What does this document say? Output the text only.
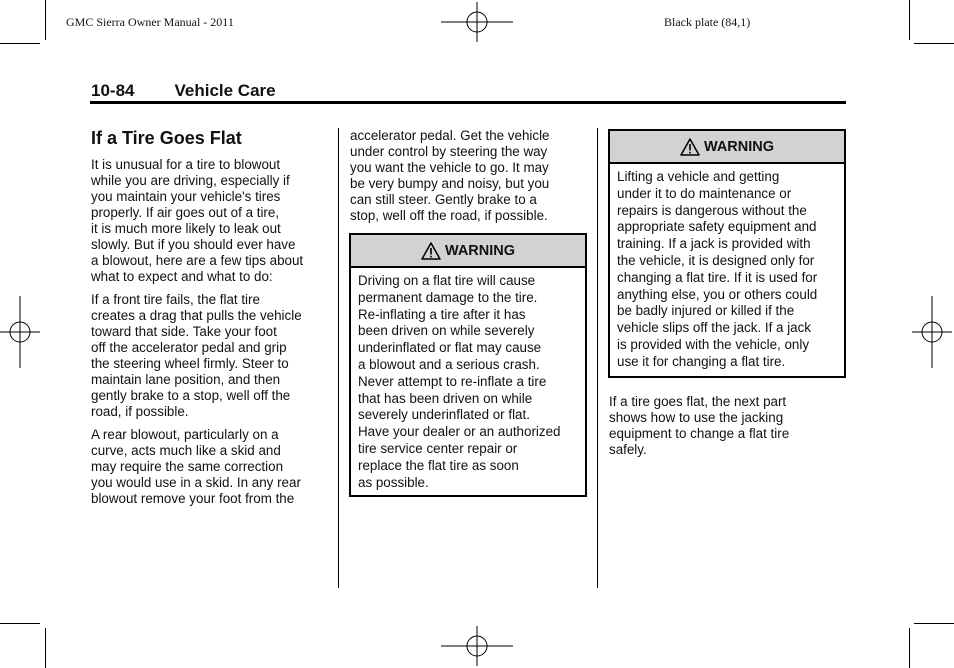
GMC Sierra Owner Manual - 2011	Black plate (84,1)
10-84 Vehicle Care
If a Tire Goes Flat

It is unusual for a tire to blowout
while you are driving, especially if
you maintain your vehicle's tires
properly. If air goes out of a tire,
it is much more likely to leak out
slowly. But if you should ever have
a blowout, here are a few tips about
what to expect and what to do:

If a front tire fails, the flat tire
creates a drag that pulls the vehicle
toward that side. Take your foot
off the accelerator pedal and grip
the steering wheel firmly. Steer to
maintain lane position, and then
gently brake to a stop, well off the
road, if possible.

A rear blowout, particularly on a
curve, acts much like a skid and
may require the same correction
you would use in a skid. In any rear
blowout remove your foot from the

accelerator pedal. Get the vehicle
under control by steering the way
you want the vehicle to go. It may
be very bumpy and noisy, but you
can still steer. Gently brake to a
stop, well off the road, if possible.

WARNING
Driving on a flat tire will cause
permanent damage to the tire.
Re-inflating a tire after it has
been driven on while severely
underinflated or flat may cause
a blowout and a serious crash.
Never attempt to re-inflate a tire
that has been driven on while
severely underinflated or flat.
Have your dealer or an authorized
tire service center repair or
replace the flat tire as soon
as possible.
WARNING
Lifting a vehicle and getting
under it to do maintenance or
repairs is dangerous without the
appropriate safety equipment and
training. If a jack is provided with
the vehicle, it is designed only for
changing a flat tire. If it is used for
anything else, you or others could
be badly injured or killed if the
vehicle slips off the jack. If a jack
is provided with the vehicle, only
use it for changing a flat tire.

If a tire goes flat, the next part
shows how to use the jacking
equipment to change a flat tire
safely.
